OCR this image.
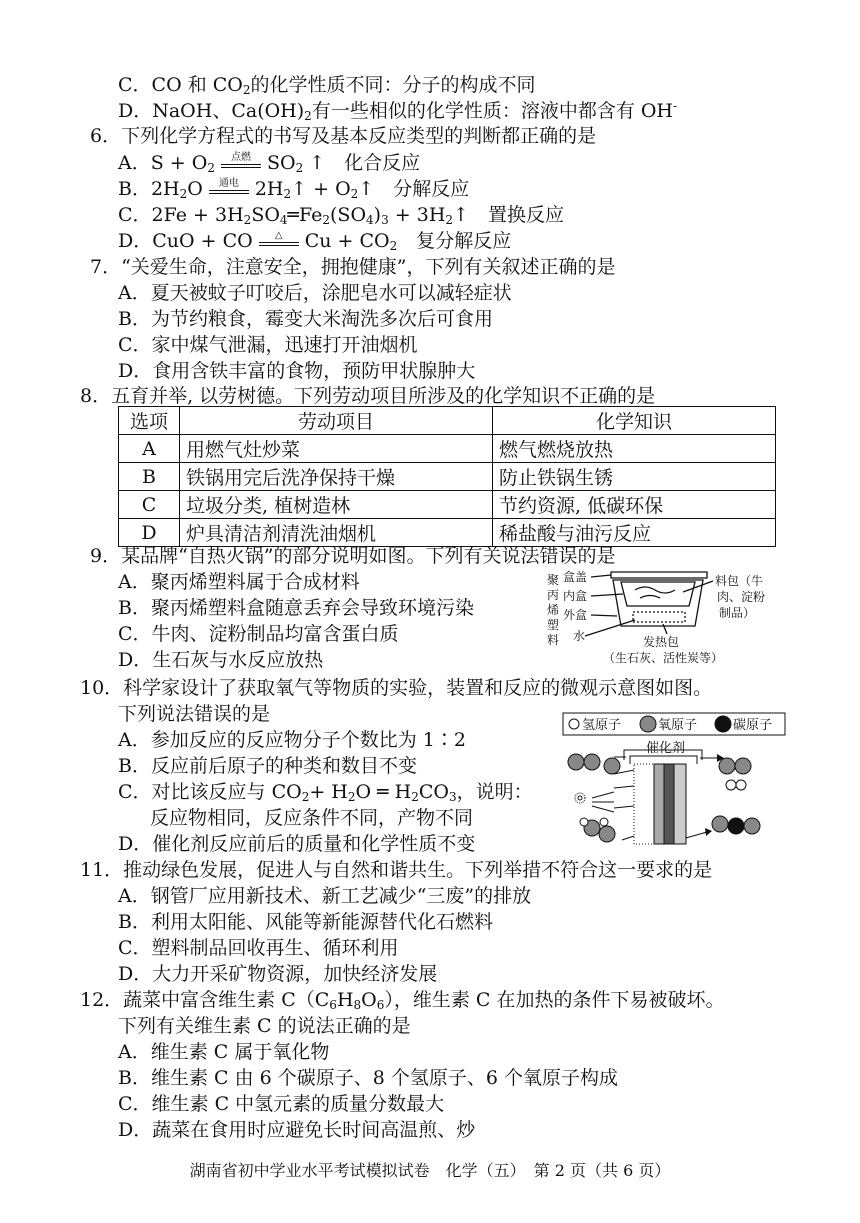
C．CO 和 $CO_2$的化学性质不同：分子的构成不同
D．NaOH、$Ca(OH)_2$有一些相似的化学性质：溶液中都含有 OH-
6．下列化学方程式的书写及基本反应类型的判断都正确的是
A．$S + O_2$
点燃 $SO_2$ ↑　化合反应
B．$2H_2O$	通电 $2H_2↑$ + $O_2↑$　分解反应
C．$2Fe + 3H_2SO_4═Fe_2(SO_4)_3$ + $3H_2↑$　置换反应
D．CuO + CO	△	$Cu + CO_2$　复分解反应
7．“关爱生命，注意安全，拥抱健康”，下列有关叙述正确的是
A．夏天被蚊子叮咬后，涂肥皂水可以减轻症状
B．为节约粮食，霉变大米淘洗多次后可食用
C．家中煤气泄漏，迅速打开油烟机
D．食用含铁丰富的食物，预防甲状腺肿大
8．五育并举, 以劳树德。下列劳动项目所涉及的化学知识不正确的是
选项	劳动项目	化学知识
A	用燃气灶炒菜	燃气燃烧放热
B	铁锅用完后洗净保持干燥	防止铁锅生锈
C	垃圾分类, 植树造林	节约资源, 低碳环保
D	炉具清洁剂清洗油烟机	稀盐酸与油污反应
9．某品牌“自热火锅”的部分说明如图。下列有关说法错误的是
A．聚丙烯塑料属于合成材料
B．聚丙烯塑料盒随意丢弃会导致环境污染
C．牛肉、淀粉制品均富含蛋白质
D．生石灰与水反应放热
聚
丙
烯
塑
料
盒盖
内盒
外盒
水
料包（牛
肉、淀粉
制品）
发热包
（生石灰、活性炭等）
10．科学家设计了获取氧气等物质的实验，装置和反应的微观示意图如图。
下列说法错误的是
A．参加反应的反应物分子个数比为 1∶2
B．反应前后原子的种类和数目不变
C．对比该反应与 $CO_2+ H_2O$ ═ $H_2CO_3$，说明：
反应物相同，反应条件不同，产物不同
D．催化剂反应前后的质量和化学性质不变
氢原子	氧原子	碳原子
催化剂
11．推动绿色发展，促进人与自然和谐共生。下列举措不符合这一要求的是
A．钢管厂应用新技术、新工艺减少“三废”的排放
B．利用太阳能、风能等新能源替代化石燃料
C．塑料制品回收再生、循环利用
D．大力开采矿物资源，加快经济发展
12．蔬菜中富含维生素 $C(C_6H_8O_6)$，维生素 C 在加热的条件下易被破坏。
下列有关维生素 C 的说法正确的是
A．维生素 C 属于氧化物
B．维生素 C 由 6 个碳原子、8 个氢原子、6 个氧原子构成
C．维生素 C 中氢元素的质量分数最大
D．蔬菜在食用时应避免长时间高温煎、炒
湖南省初中学业水平考试模拟试卷　化学（五）　第 2 页（共 6 页）
